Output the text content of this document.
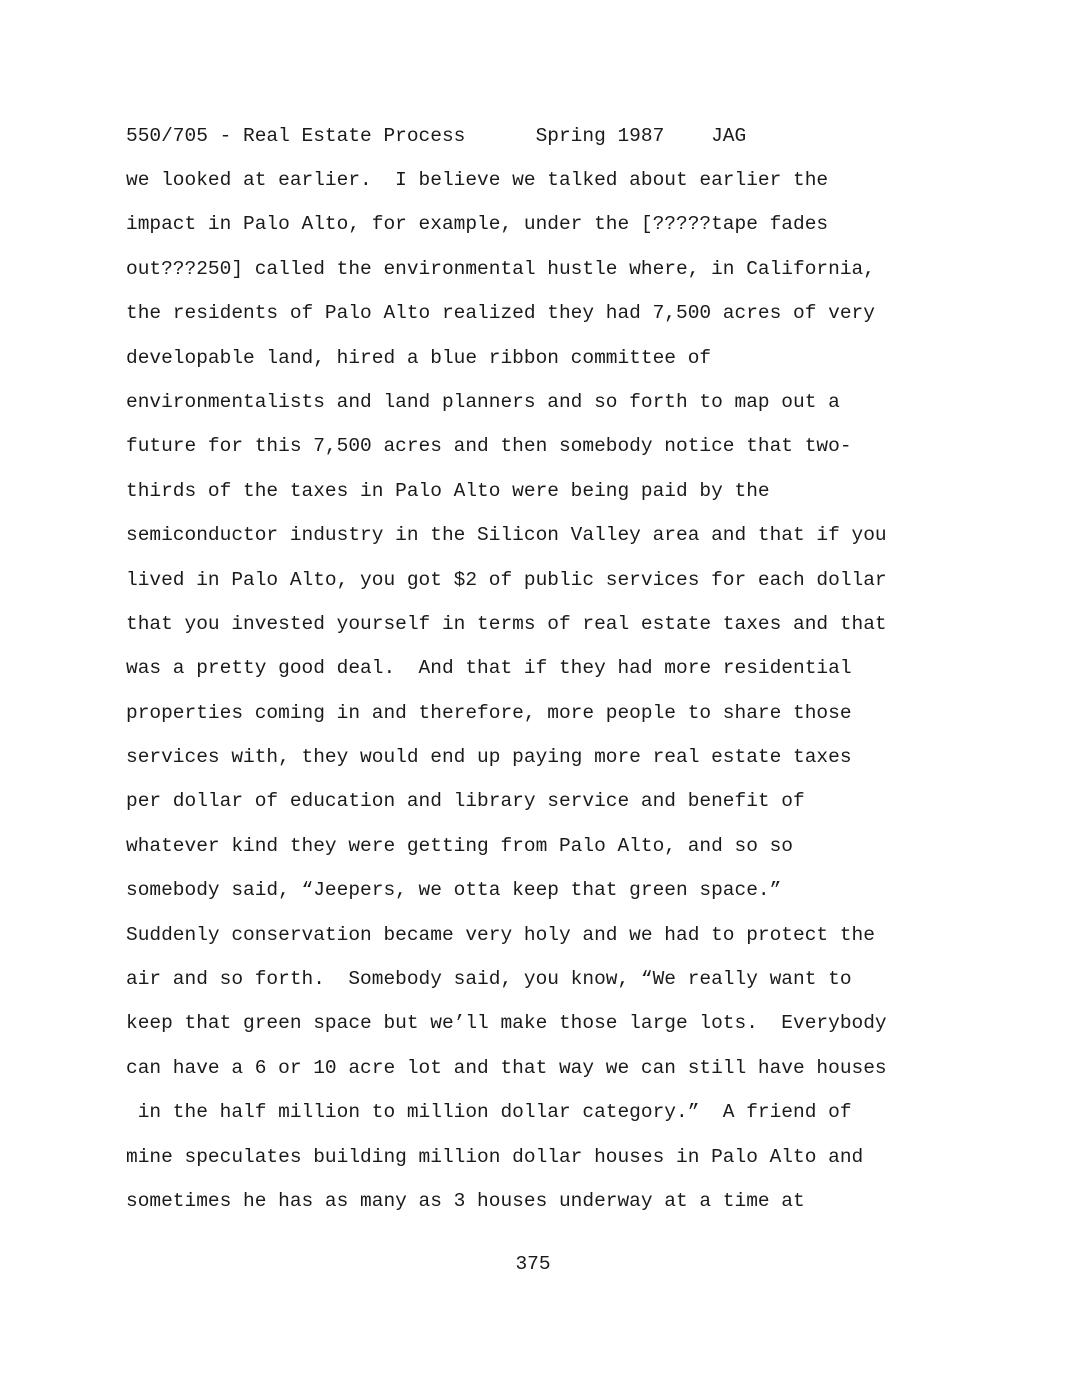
550/705 - Real Estate Process      Spring 1987    JAG
we looked at earlier.  I believe we talked about earlier the
impact in Palo Alto, for example, under the [?????tape fades
out???250] called the environmental hustle where, in California,
the residents of Palo Alto realized they had 7,500 acres of very
developable land, hired a blue ribbon committee of
environmentalists and land planners and so forth to map out a
future for this 7,500 acres and then somebody notice that two-
thirds of the taxes in Palo Alto were being paid by the
semiconductor industry in the Silicon Valley area and that if you
lived in Palo Alto, you got $2 of public services for each dollar
that you invested yourself in terms of real estate taxes and that
was a pretty good deal.  And that if they had more residential
properties coming in and therefore, more people to share those
services with, they would end up paying more real estate taxes
per dollar of education and library service and benefit of
whatever kind they were getting from Palo Alto, and so so
somebody said, “Jeepers, we otta keep that green space.”
Suddenly conservation became very holy and we had to protect the
air and so forth.  Somebody said, you know, “We really want to
keep that green space but we’ll make those large lots.  Everybody
can have a 6 or 10 acre lot and that way we can still have houses
in the half million to million dollar category.”  A friend of
mine speculates building million dollar houses in Palo Alto and
sometimes he has as many as 3 houses underway at a time at
375
